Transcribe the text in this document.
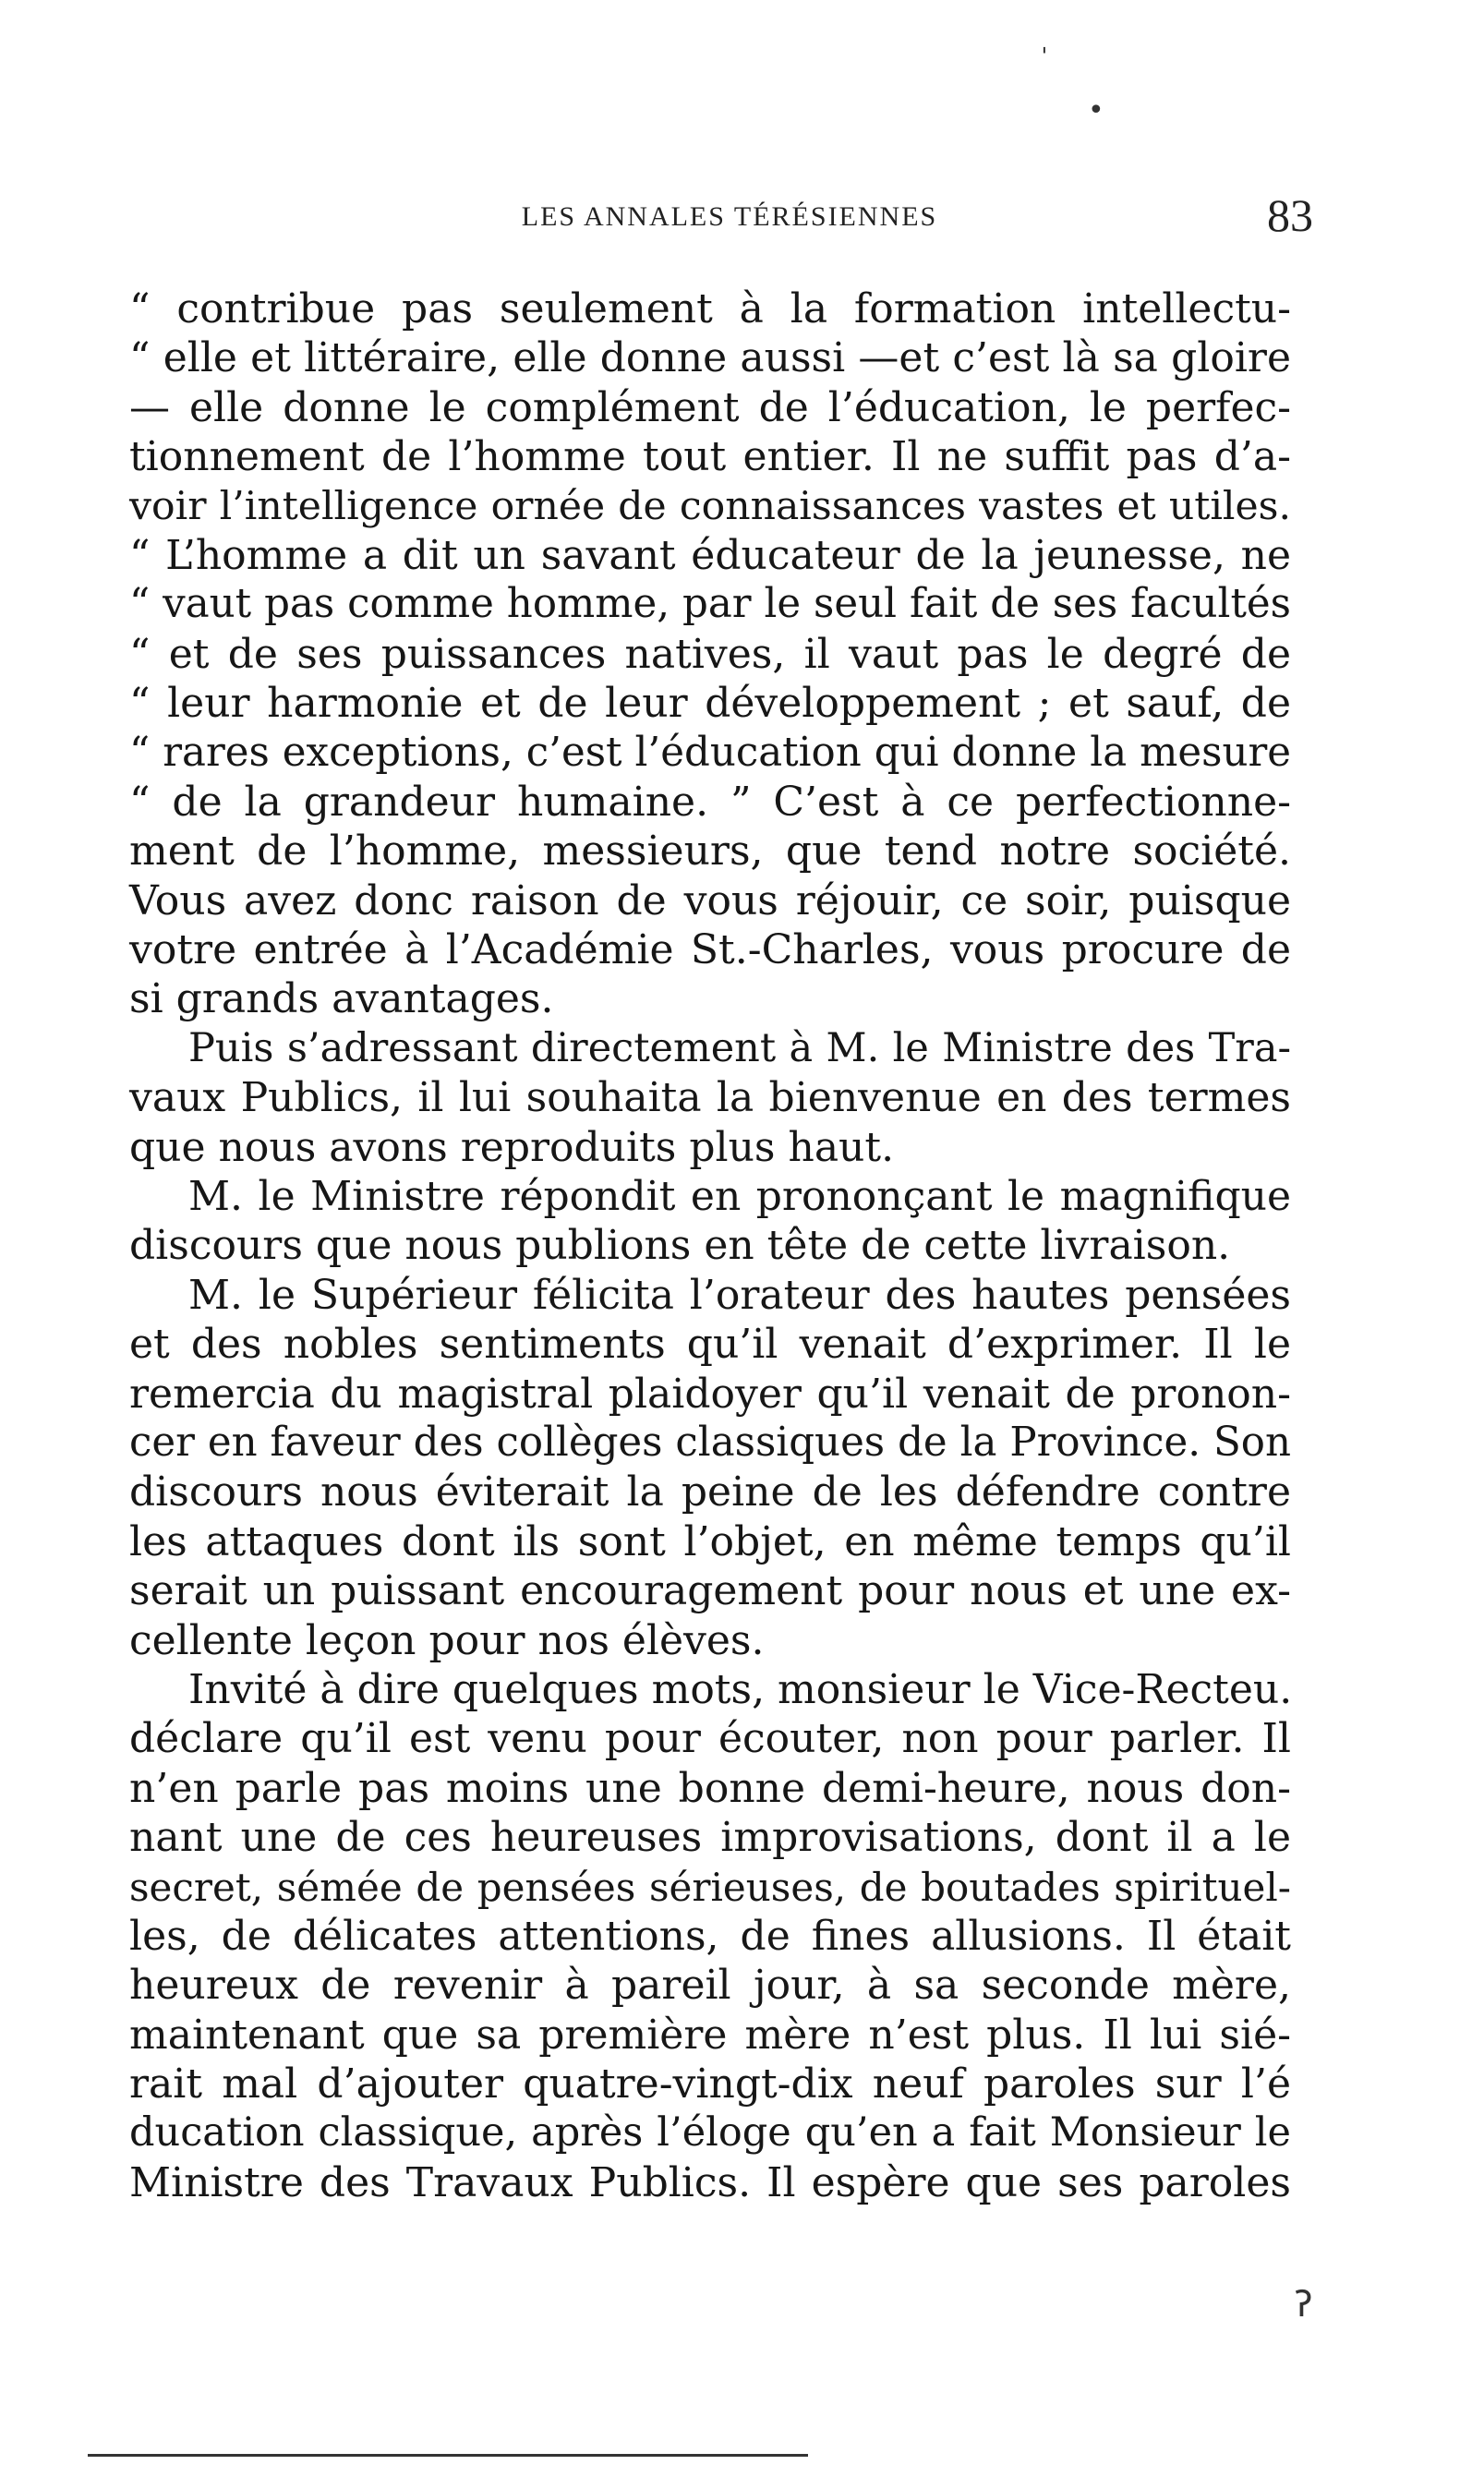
LES ANNALES TÉRÉSIENNES	83
“ contribue pas seulement à la formation intellectu-
“ elle et littéraire, elle donne aussi —et c’est là sa gloire
— elle donne le complément de l’éducation, le perfec-
tionnement de l’homme tout entier. Il ne suffit pas d’a-
voir l’intelligence ornée de connaissances vastes et utiles.
“ L’homme a dit un savant éducateur de la jeunesse, ne
“ vaut pas comme homme, par le seul fait de ses facultés
“ et de ses puissances natives, il vaut pas le degré de
“ leur harmonie et de leur développement ; et sauf, de
“ rares exceptions, c’est l’éducation qui donne la mesure
“ de la grandeur humaine. ” C’est à ce perfectionne-
ment de l’homme, messieurs, que tend notre société.
Vous avez donc raison de vous réjouir, ce soir, puisque
votre entrée à l’Académie St.-Charles, vous procure de
si grands avantages.
Puis s’adressant directement à M. le Ministre des Tra-
vaux Publics, il lui souhaita la bienvenue en des termes
que nous avons reproduits plus haut.
M. le Ministre répondit en prononçant le magnifique
discours que nous publions en tête de cette livraison.
M. le Supérieur félicita l’orateur des hautes pensées
et des nobles sentiments qu’il venait d’exprimer. Il le
remercia du magistral plaidoyer qu’il venait de pronon-
cer en faveur des collèges classiques de la Province. Son
discours nous éviterait la peine de les défendre contre
les attaques dont ils sont l’objet, en même temps qu’il
serait un puissant encouragement pour nous et une ex-
cellente leçon pour nos élèves.
Invité à dire quelques mots, monsieur le Vice-Recteu.
déclare qu’il est venu pour écouter, non pour parler. Il
n’en parle pas moins une bonne demi-heure, nous don-
nant une de ces heureuses improvisations, dont il a le
secret, sémée de pensées sérieuses, de boutades spirituel-
les, de délicates attentions, de fines allusions. Il était
heureux de revenir à pareil jour, à sa seconde mère,
maintenant que sa première mère n’est plus. Il lui sié-
rait mal d’ajouter quatre-vingt-dix neuf paroles sur l’é
ducation classique, après l’éloge qu’en a fait Monsieur le
Ministre des Travaux Publics. Il espère que ses paroles
ˌ
•
ॽ
